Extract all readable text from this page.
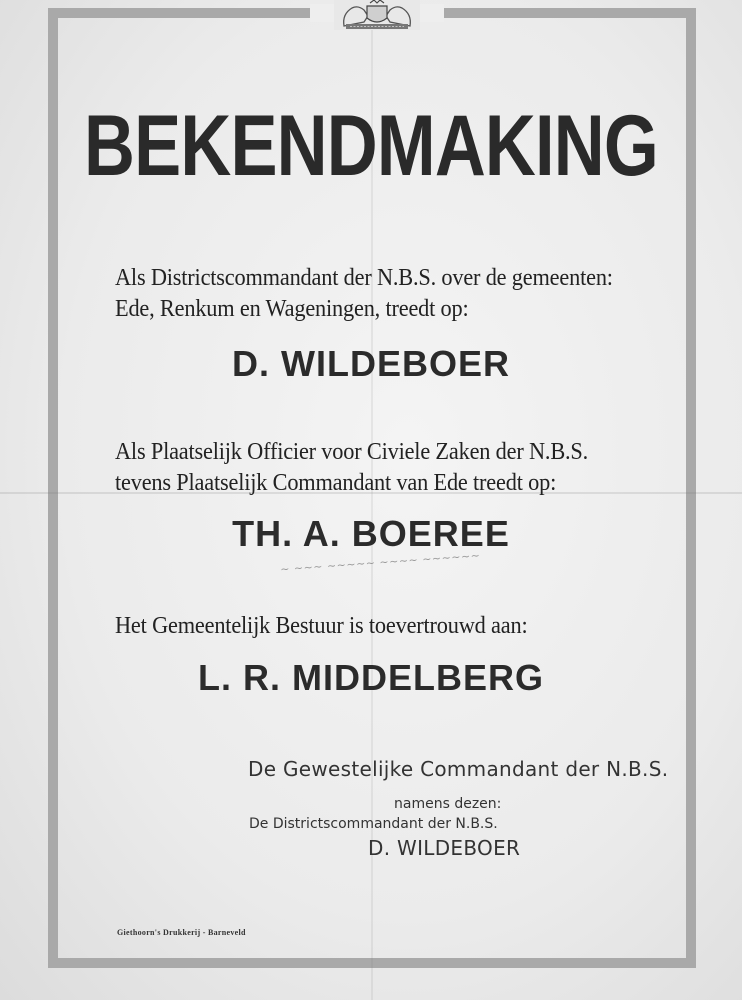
BEKENDMAKING
Als Districtscommandant der N.B.S. over de gemeenten:
Ede, Renkum en Wageningen, treedt op:
D. WILDEBOER
Als Plaatselijk Officier voor Civiele Zaken der N.B.S.
tevens Plaatselijk Commandant van Ede treedt op:
TH. A. BOEREE
~ ~~~ ~~~~~ ~~~~ ~~~~~~
Het Gemeentelijk Bestuur is toevertrouwd aan:
L. R. MIDDELBERG
De Gewestelijke Commandant der N.B.S.
namens dezen:
De Districtscommandant der N.B.S.
D. WILDEBOER
Giethoorn's Drukkerij - Barneveld
